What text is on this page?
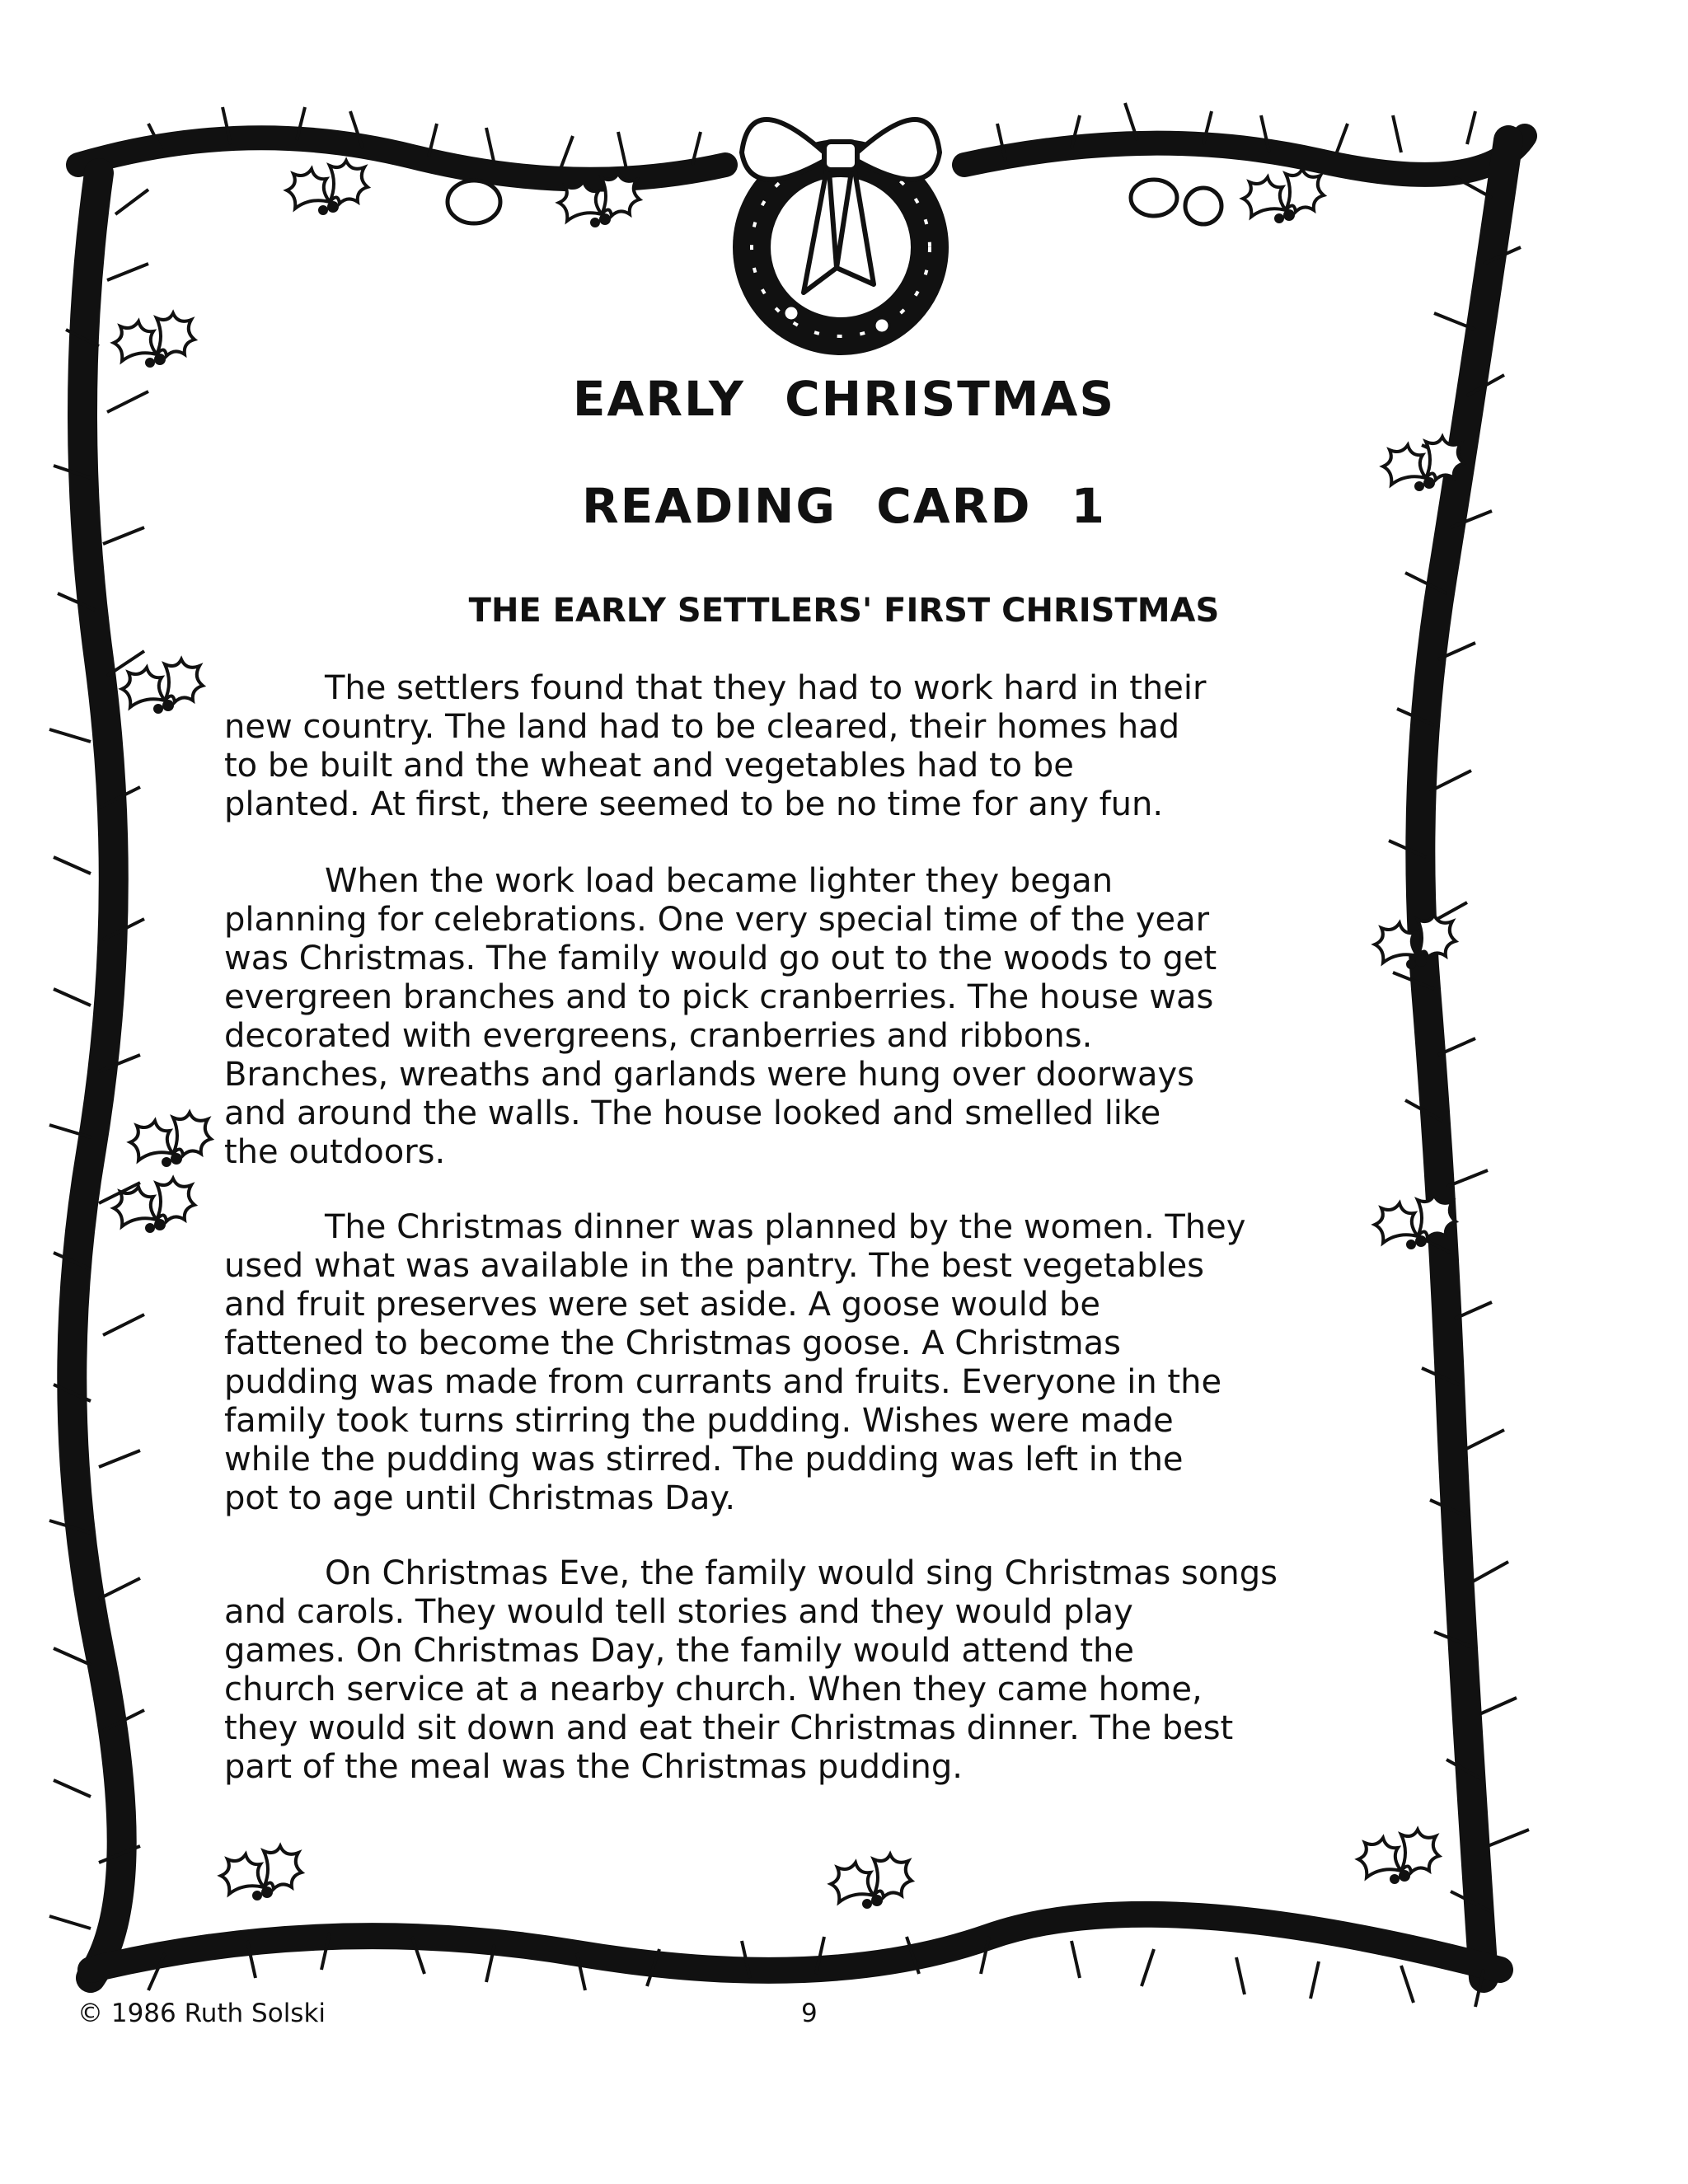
EARLY CHRISTMAS
READING CARD 1
THE EARLY SETTLERS' FIRST CHRISTMAS
The settlers found that they had to work hard in their
new country. The land had to be cleared, their homes had
to be built and the wheat and vegetables had to be
planted. At first, there seemed to be no time for any fun.
When the work load became lighter they began
planning for celebrations. One very special time of the year
was Christmas. The family would go out to the woods to get
evergreen branches and to pick cranberries. The house was
decorated with evergreens, cranberries and ribbons.
Branches, wreaths and garlands were hung over doorways
and around the walls. The house looked and smelled like
the outdoors.
The Christmas dinner was planned by the women. They
used what was available in the pantry. The best vegetables
and fruit preserves were set aside. A goose would be
fattened to become the Christmas goose. A Christmas
pudding was made from currants and fruits. Everyone in the
family took turns stirring the pudding. Wishes were made
while the pudding was stirred. The pudding was left in the
pot to age until Christmas Day.
On Christmas Eve, the family would sing Christmas songs
and carols. They would tell stories and they would play
games. On Christmas Day, the family would attend the
church service at a nearby church. When they came home,
they would sit down and eat their Christmas dinner. The best
part of the meal was the Christmas pudding.
© 1986 Ruth Solski	9
